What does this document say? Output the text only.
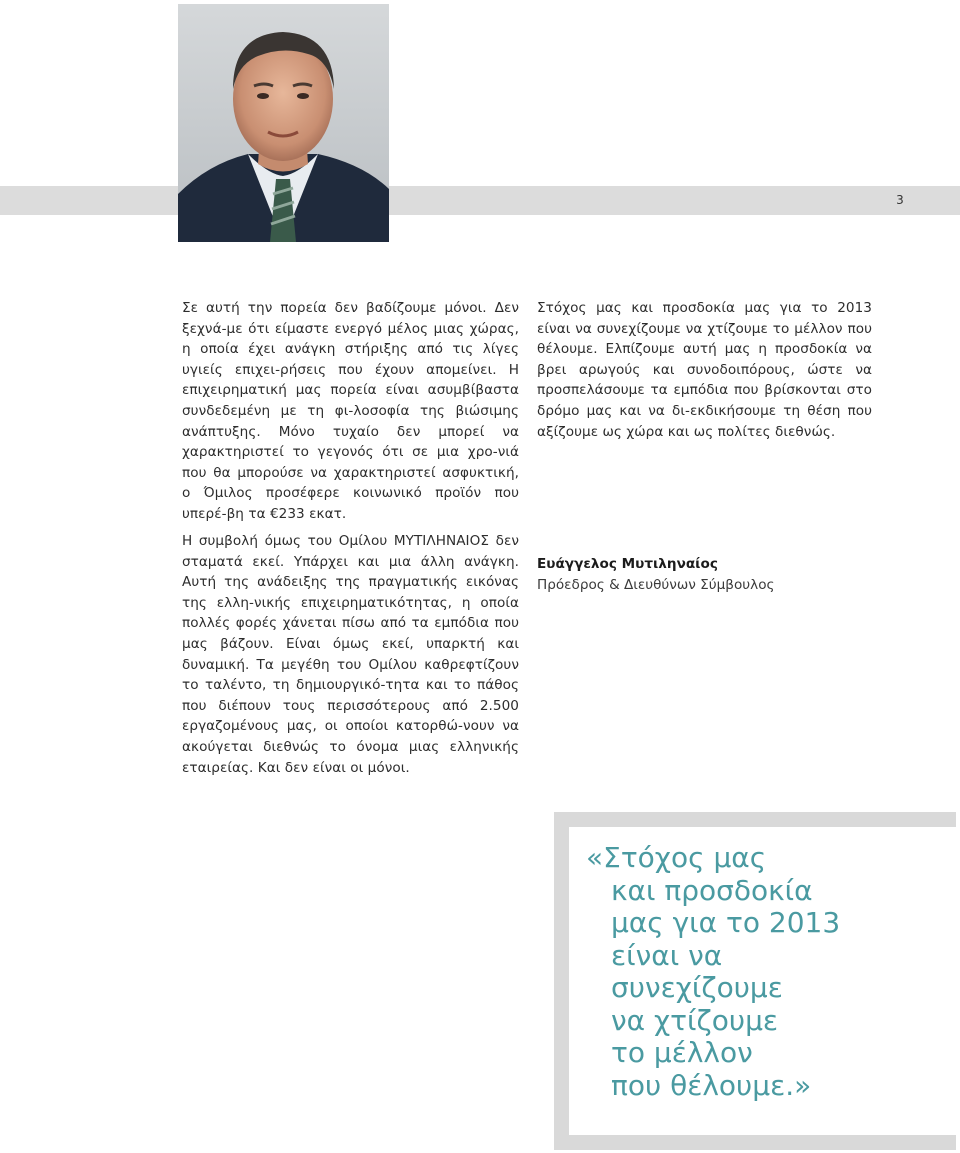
3

Σε αυτή την πορεία δεν βαδίζουμε μόνοι. Δεν ξεχνά-με ότι είμαστε ενεργό μέλος μιας χώρας, η οποία έχει ανάγκη στήριξης από τις λίγες υγιείς επιχει-ρήσεις που έχουν απομείνει. Η επιχειρηματική μας πορεία είναι ασυμβίβαστα συνδεδεμένη με τη φι-λοσοφία της βιώσιμης ανάπτυξης. Μόνο τυχαίο δεν μπορεί να χαρακτηριστεί το γεγονός ότι σε μια χρο-νιά που θα μπορούσε να χαρακτηριστεί ασφυκτική, ο Όμιλος προσέφερε κοινωνικό προϊόν που υπερέ-βη τα €233 εκατ.

Η συμβολή όμως του Ομίλου ΜΥΤΙΛΗΝΑΙΟΣ δεν σταματά εκεί. Υπάρχει και μια άλλη ανάγκη. Αυτή της ανάδειξης της πραγματικής εικόνας της ελλη-νικής επιχειρηματικότητας, η οποία πολλές φορές χάνεται πίσω από τα εμπόδια που μας βάζουν. Είναι όμως εκεί, υπαρκτή και δυναμική. Τα μεγέθη του Ομίλου καθρεφτίζουν το ταλέντο, τη δημιουργικό-τητα και το πάθος που διέπουν τους περισσότερους από 2.500 εργαζομένους μας, οι οποίοι κατορθώ-νουν να ακούγεται διεθνώς το όνομα μιας ελληνικής εταιρείας. Και δεν είναι οι μόνοι.

Στόχος μας και προσδοκία μας για το 2013 είναι να συνεχίζουμε να χτίζουμε το μέλλον που θέλουμε. Ελπίζουμε αυτή μας η προσδοκία να βρει αρωγούς και συνοδοιπόρους, ώστε να προσπελάσουμε τα εμπόδια που βρίσκονται στο δρόμο μας και να δι-εκδικήσουμε τη θέση που αξίζουμε ως χώρα και ως πολίτες διεθνώς.

Ευάγγελος Μυτιληναίος
Πρόεδρος & Διευθύνων Σύμβουλος
«Στόχος μας
και προσδοκία
μας για το 2013
είναι να
συνεχίζουμε
να χτίζουμε
το μέλλον
που θέλουμε.»
